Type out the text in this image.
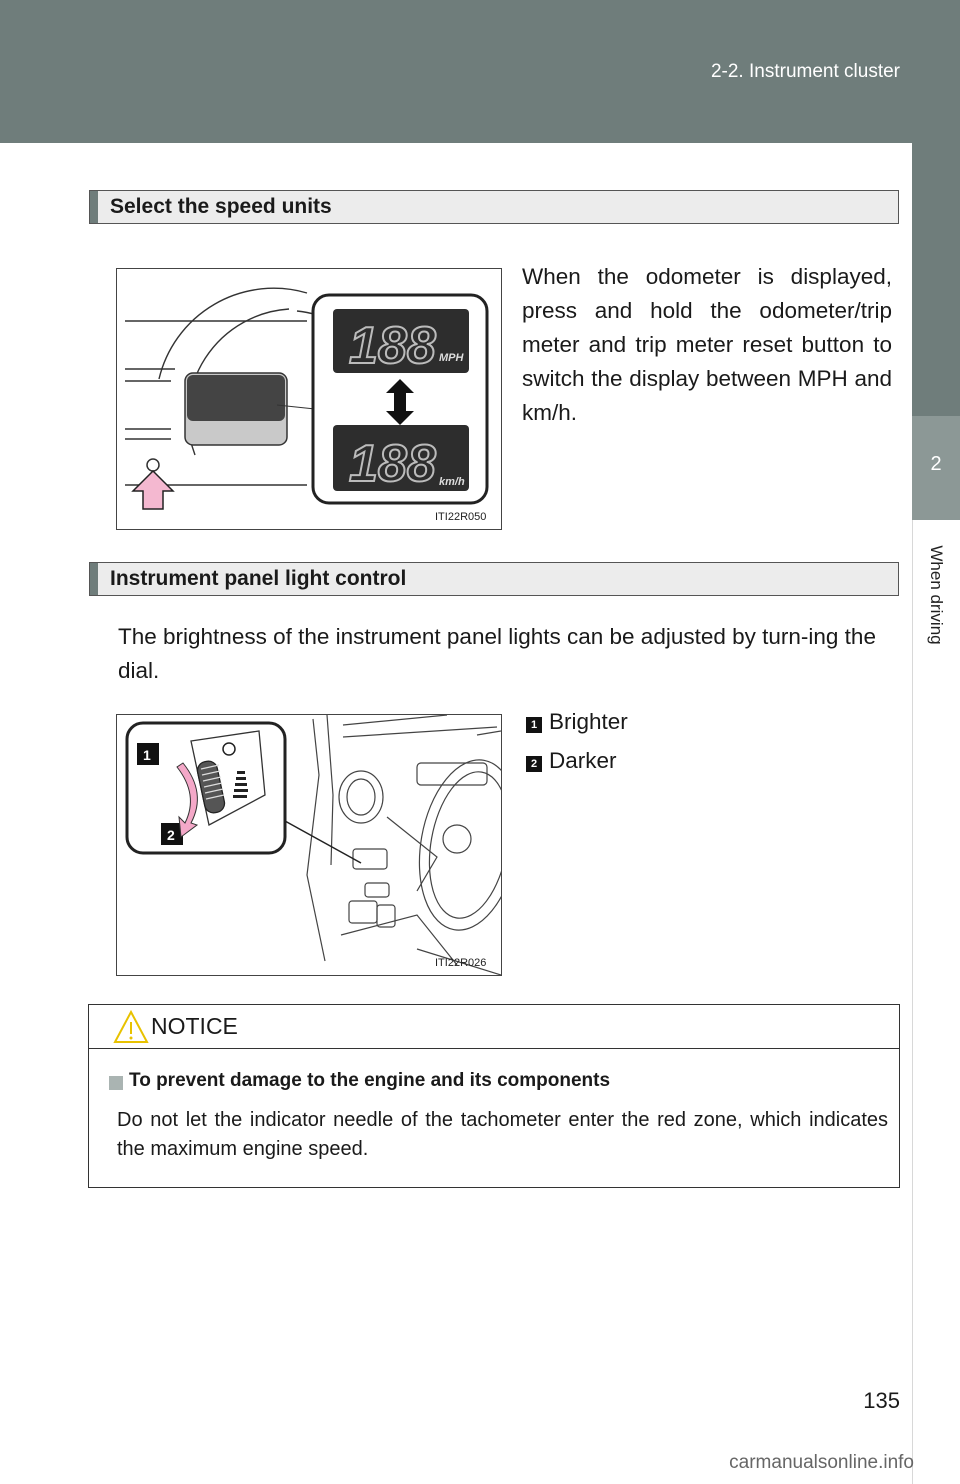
2-2. Instrument cluster
2
When driving
Select the speed units
188 MPH
188 km/h
ITI22R050
When the odometer is displayed, press and hold the odometer/trip meter and trip meter reset button to switch the display between MPH and km/h.
Instrument panel light control
The brightness of the instrument panel lights can be adjusted by turn-ing the dial.
1
2
ITI22R026
1 Brighter
2 Darker
NOTICE
To prevent damage to the engine and its components
Do not let the indicator needle of the tachometer enter the red zone, which indicates the maximum engine speed.
135
carmanualsonline.info
